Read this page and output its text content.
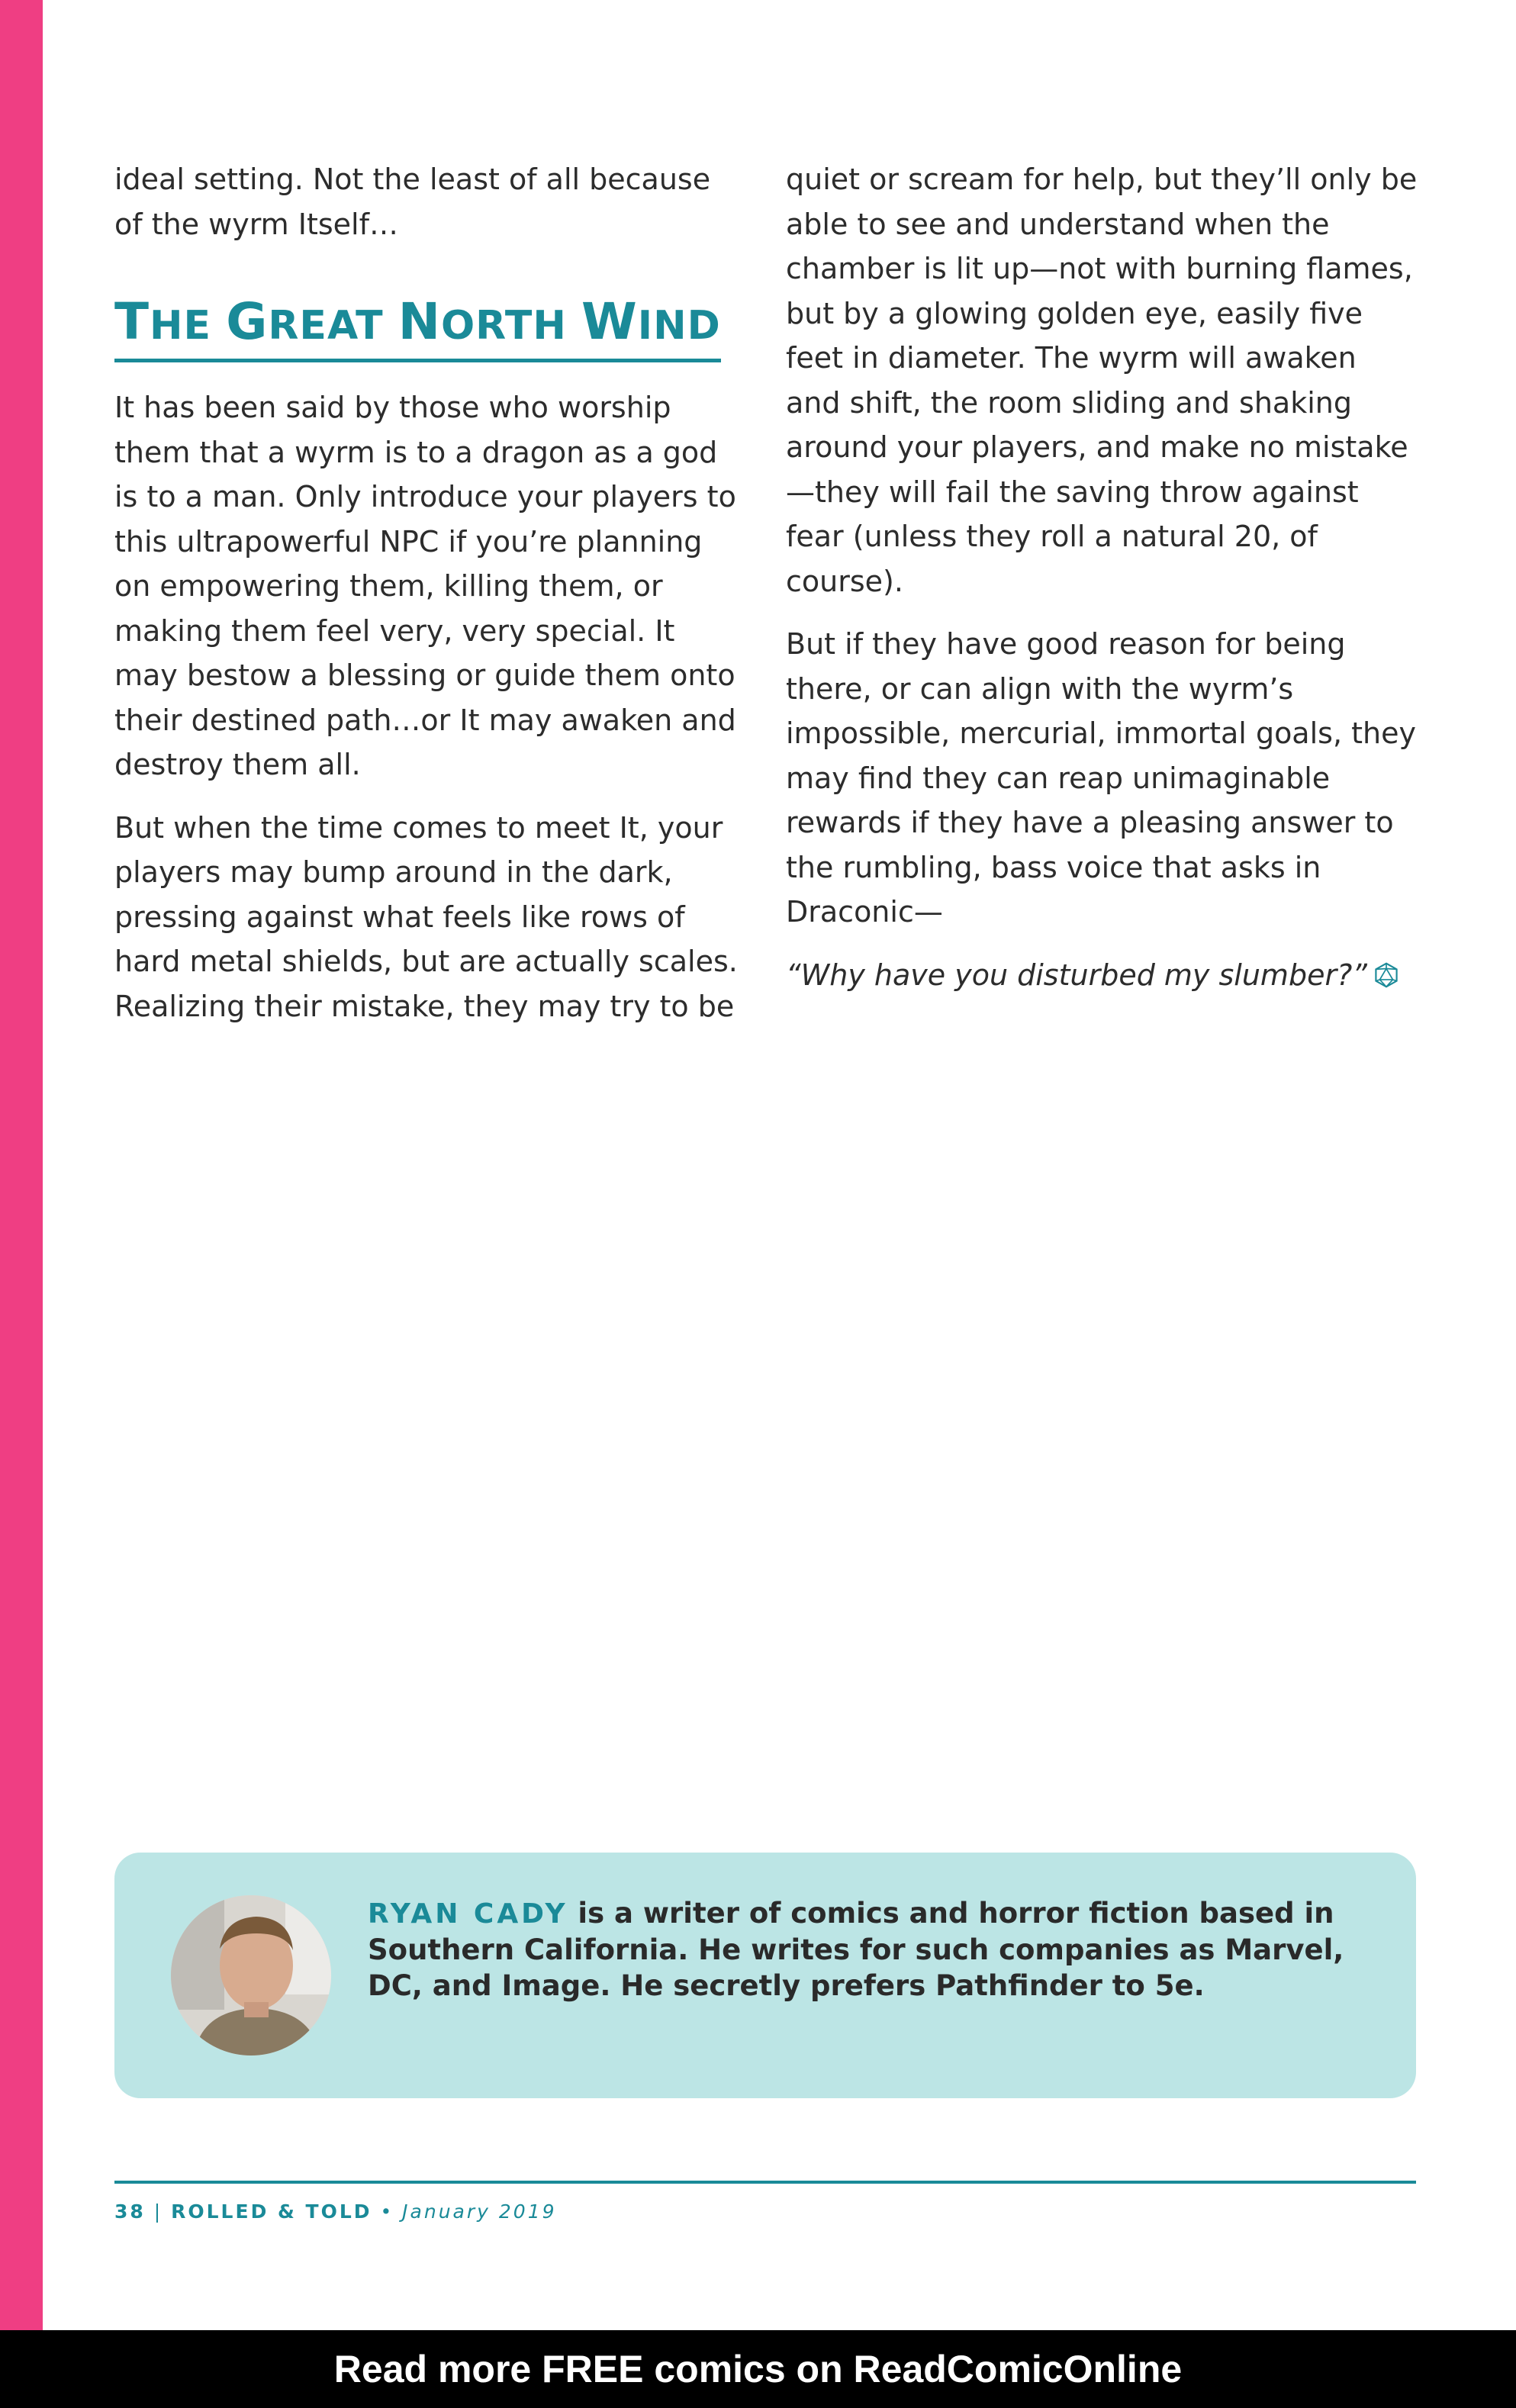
ideal setting. Not the least of all because of the wyrm Itself…

THE GREAT NORTH WIND

It has been said by those who worship them that a wyrm is to a dragon as a god is to a man. Only introduce your players to this ultrapowerful NPC if you’re planning on empowering them, killing them, or making them feel very, very special. It may bestow a blessing or guide them onto their destined path…or It may awaken and destroy them all.

But when the time comes to meet It, your players may bump around in the dark, pressing against what feels like rows of hard metal shields, but are actually scales. Realizing their mistake, they may try to be

quiet or scream for help, but they’ll only be able to see and understand when the chamber is lit up—not with burning flames, but by a glowing golden eye, easily five feet in diameter. The wyrm will awaken and shift, the room sliding and shaking around your players, and make no mistake—they will fail the saving throw against fear (unless they roll a natural 20, of course).

But if they have good reason for being there, or can align with the wyrm’s impossible, mercurial, immortal goals, they may find they can reap unimaginable rewards if they have a pleasing answer to the rumbling, bass voice that asks in Draconic—

“Why have you disturbed my slumber?”

RYAN CADY is a writer of comics and horror fiction based in Southern California. He writes for such companies as Marvel, DC, and Image. He secretly prefers Pathfinder to 5e.
38 | ROLLED & TOLD • January 2019
Read more FREE comics on ReadComicOnline
